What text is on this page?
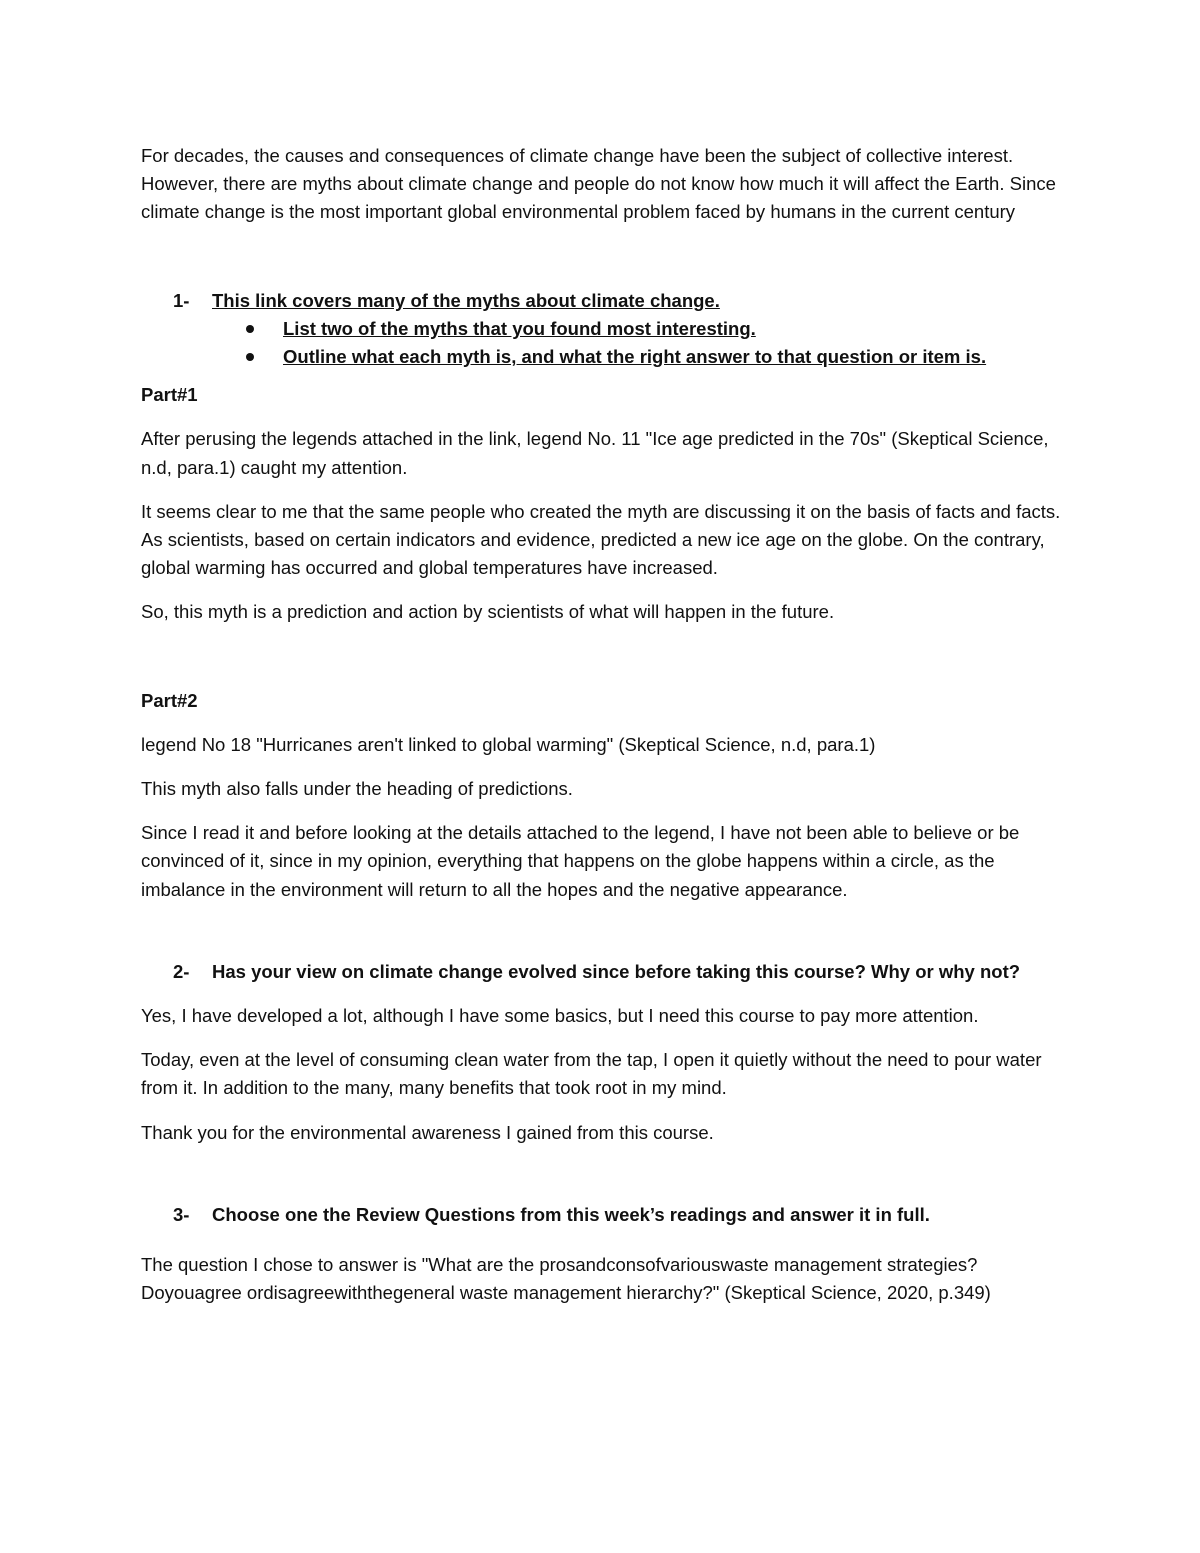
For decades, the causes and consequences of climate change have been the subject of collective interest. However, there are myths about climate change and people do not know how much it will affect the Earth. Since climate change is the most important global environmental problem faced by humans in the current century

1- This link covers many of the myths about climate change.

List two of the myths that you found most interesting.
Outline what each myth is, and what the right answer to that question or item is.

Part#1

After perusing the legends attached in the link, legend No. 11 "Ice age predicted in the 70s" (Skeptical Science, n.d, para.1) caught my attention.

It seems clear to me that the same people who created the myth are discussing it on the basis of facts and facts. As scientists, based on certain indicators and evidence, predicted a new ice age on the globe. On the contrary, global warming has occurred and global temperatures have increased.

So, this myth is a prediction and action by scientists of what will happen in the future.

Part#2

legend No 18 "Hurricanes aren't linked to global warming" (Skeptical Science, n.d, para.1)

This myth also falls under the heading of predictions.

Since I read it and before looking at the details attached to the legend, I have not been able to believe or be convinced of it, since in my opinion, everything that happens on the globe happens within a circle, as the imbalance in the environment will return to all the hopes and the negative appearance.

2- Has your view on climate change evolved since before taking this course? Why or why not?

Yes, I have developed a lot, although I have some basics, but I need this course to pay more attention.

Today, even at the level of consuming clean water from the tap, I open it quietly without the need to pour water from it. In addition to the many, many benefits that took root in my mind.

Thank you for the environmental awareness I gained from this course.

3- Choose one the Review Questions from this week’s readings and answer it in full.

The question I chose to answer is "What are the prosandconsofvariouswaste management strategies? Doyouagree ordisagreewiththegeneral waste management hierarchy?" (Skeptical Science, 2020, p.349)
